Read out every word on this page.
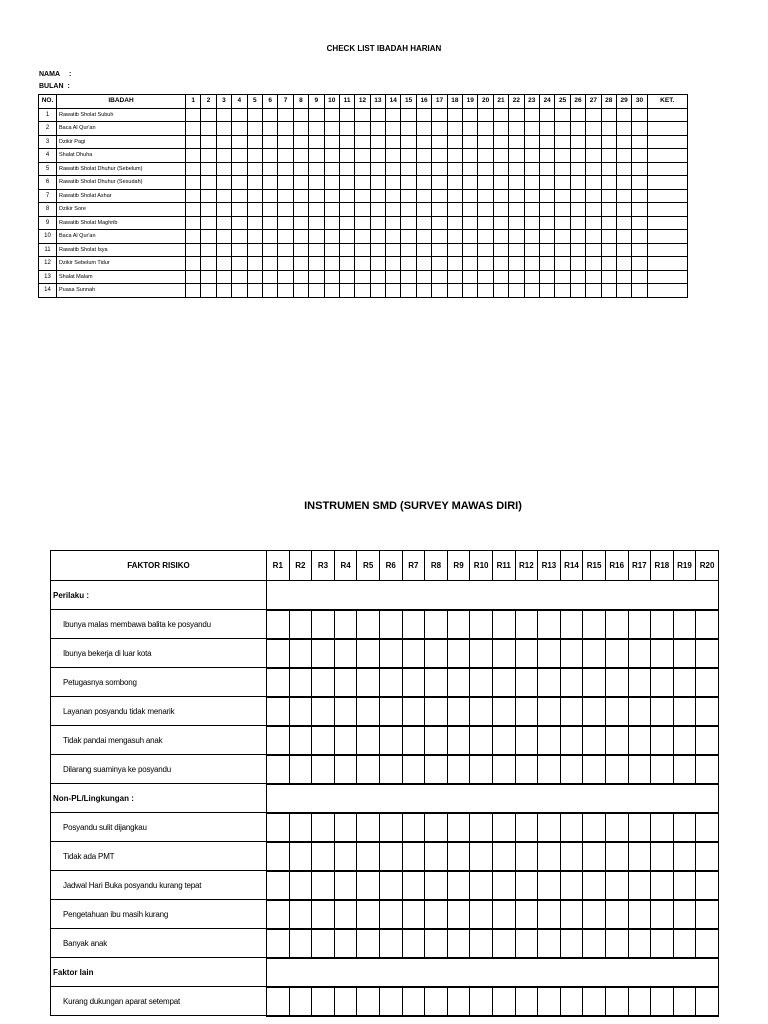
CHECK LIST IBADAH HARIAN
NAMA :
BULAN :
NO.	IBADAH	1	2	3	4	5	6	7	8	9	10	11	12	13	14	15	16	17	18	19	20	21	22	23	24	25	26	27	28	29	30	KET.
1	Rawatib Sholat Subuh																															
2	Baca Al Qur'an																															
3	Dzikir Pagi																															
4	Shalat Dhuha																															
5	Rawatib Sholat Dhuhur (Sebelum)																															
6	Rawatib Sholat Dhuhur (Sesudah)																															
7	Rawatib Sholat Ashar																															
8	Dzikir Sore																															
9	Rawatib Sholat Maghrib																															
10	Baca Al Qur'an																															
11	Rawatib Sholat Isya																															
12	Dzikir Sebelum Tidur																															
13	Shalat Malam																															
14	Puasa Sunnah																															
INSTRUMEN SMD (SURVEY MAWAS DIRI)
FAKTOR RISIKO	R1	R2	R3	R4	R5	R6	R7	R8	R9	R10	R11	R12	R13	R14	R15	R16	R17	R18	R19	R20
Perilaku :																				
Ibunya malas membawa balita ke posyandu																				
Ibunya bekerja di luar kota																				
Petugasnya sombong																				
Layanan posyandu tidak menarik																				
Tidak pandai mengasuh anak																				
Dilarang suaminya ke posyandu																				
Non-PL/Lingkungan :																				
Posyandu sulit dijangkau																				
Tidak ada PMT																				
Jadwal Hari Buka posyandu kurang tepat																				
Pengetahuan ibu masih kurang																				
Banyak anak																				
Faktor lain																				
Kurang dukungan aparat setempat																				
